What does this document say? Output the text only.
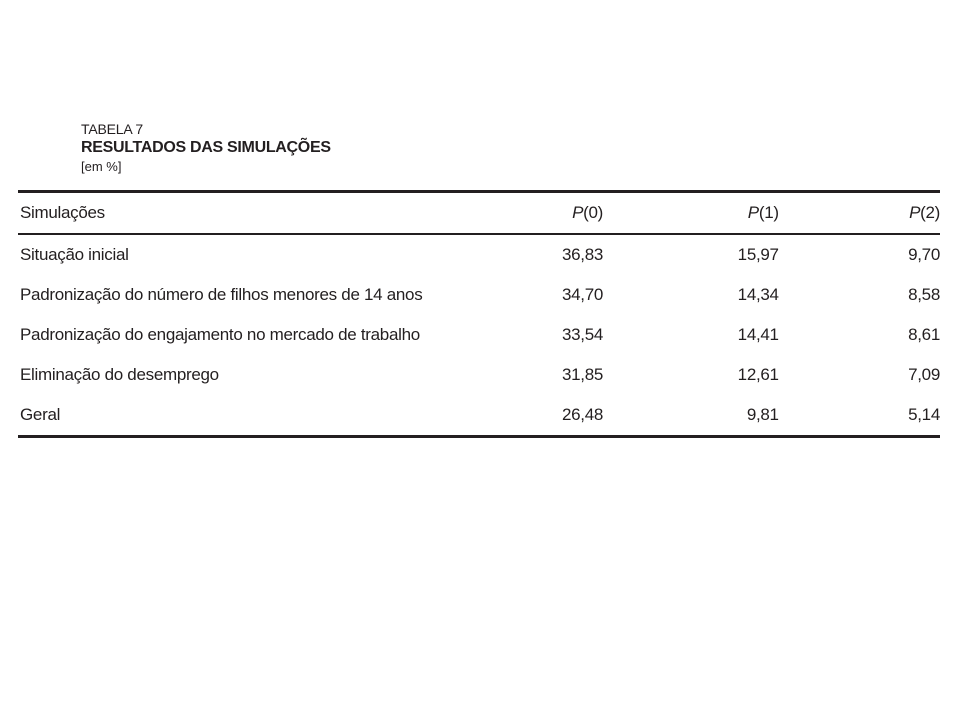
TABELA 7
RESULTADOS DAS SIMULAÇÕES
[em %]
Simulações	P(0)	P(1)	P(2)
Situação inicial	36,83	15,97	9,70
Padronização do número de filhos menores de 14 anos	34,70	14,34	8,58
Padronização do engajamento no mercado de trabalho	33,54	14,41	8,61
Eliminação do desemprego	31,85	12,61	7,09
Geral	26,48	9,81	5,14
